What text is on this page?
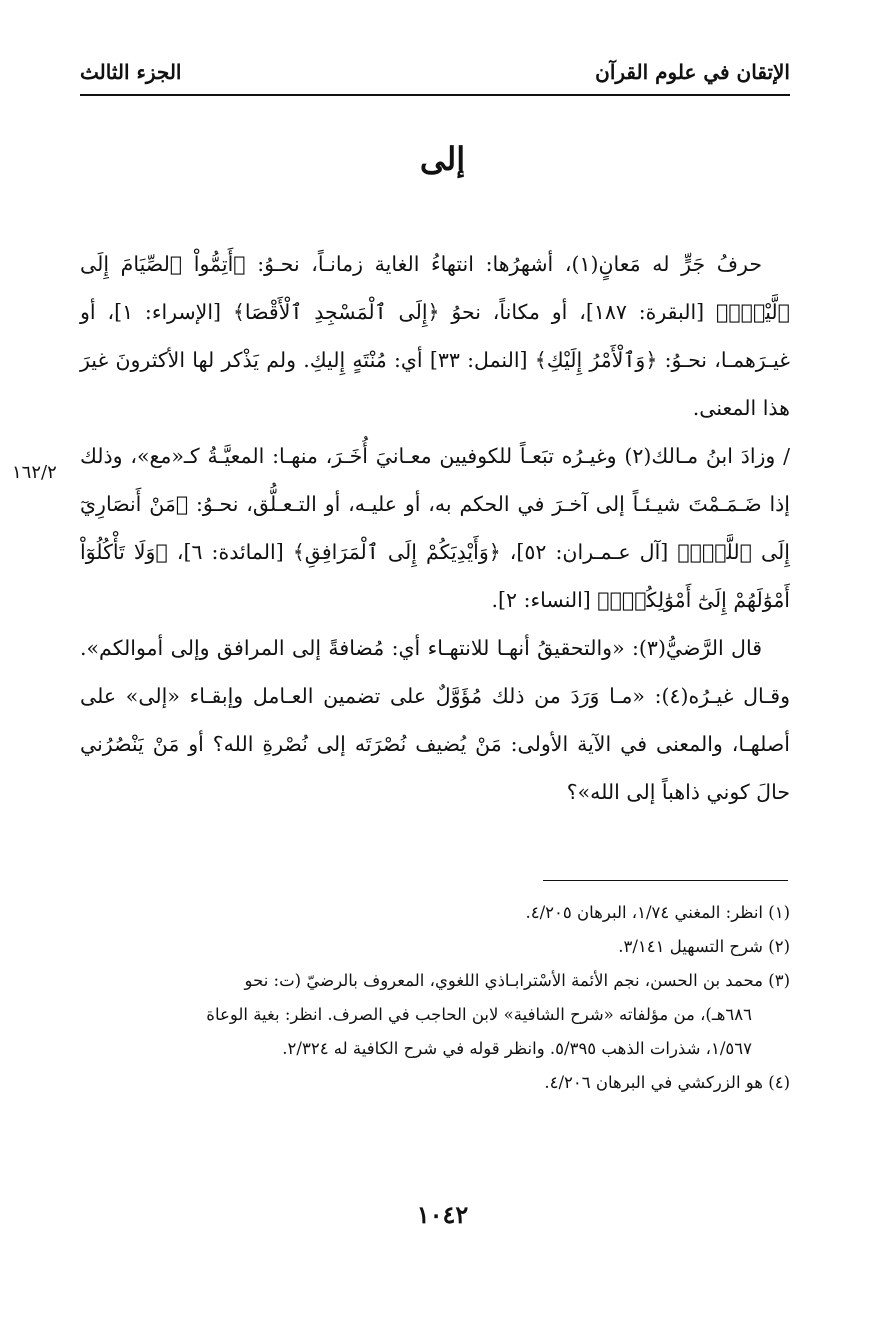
الإتقان في علوم القرآن
الجزء الثالث
إلى
١٦٢/٢

حرفُ جَرٍّ له مَعانٍ(١)، أشهرُها: انتهاءُ الغاية زمانـاً، نحـوُ: ﴿أَتِمُّواْ ٱلصِّيَامَ إِلَى ٱلَّيْلِۚ﴾ [البقرة: ١٨٧]، أو مكاناً، نحوُ ﴿إِلَى ٱلْمَسْجِدِ ٱلْأَقْصَا﴾ [الإسراء: ١]، أو غيـرَهمـا، نحـوُ: ﴿وَٱلْأَمْرُ إِلَيْكِ﴾ [النمل: ٣٣] أي: مُنْتَهٍ إِليكِ. ولم يَذْكر لها الأكثرونَ غيرَ هذا المعنى.

/ وزادَ ابنُ مـالك(٢) وغيـرُه تبَعـاً للكوفيين معـانيَ أُخَـرَ، منهـا: المعيَّـةُ كـ«مع»، وذلك إذا ضَـمَـمْتَ شيـئـاً إلى آخـرَ في الحكم به، أو عليـه، أو التـعـلُّق، نحـوُ: ﴿مَنْ أَنصَارِيٓ إِلَى ٱللَّهِۖ﴾ [آل عـمـران: ٥٢]، ﴿وَأَيْدِيَكُمْ إِلَى ٱلْمَرَافِقِ﴾ [المائدة: ٦]، ﴿وَلَا تَأْكُلُوٓاْ أَمْوَٰلَهُمْ إِلَىٰٓ أَمْوَٰلِكُمْۚ﴾ [النساء: ٢].

قال الرَّضيُّ(٣): «والتحقيقُ أنهـا للانتهـاء أي: مُضافةً إلى المرافق وإلى أموالكم». وقـال غيـرُه(٤): «مـا وَرَدَ من ذلك مُؤَوَّلٌ على تضمين العـامل وإبقـاء «إلى» على أصلهـا، والمعنى في الآية الأولى: مَنْ يُضيف نُصْرَتَه إلى نُصْرةِ الله؟ أو مَنْ يَنْصُرُني حالَ كوني ذاهباً إلى الله»؟

(١) انظر: المغني ١/٧٤، البرهان ٤/٢٠٥.

(٢) شرح التسهيل ٣/١٤١.

(٣) محمد بن الحسن، نجم الأئمة الأسْترابـاذي اللغوي، المعروف بالرضيّ (ت: نحو

٦٨٦هـ)، من مؤلفاته «شرح الشافية» لابن الحاجب في الصرف. انظر: بغية الوعاة

١/٥٦٧، شذرات الذهب ٥/٣٩٥. وانظر قوله في شرح الكافية له ٢/٣٢٤.

(٤) هو الزركشي في البرهان ٤/٢٠٦.

١٠٤٢
